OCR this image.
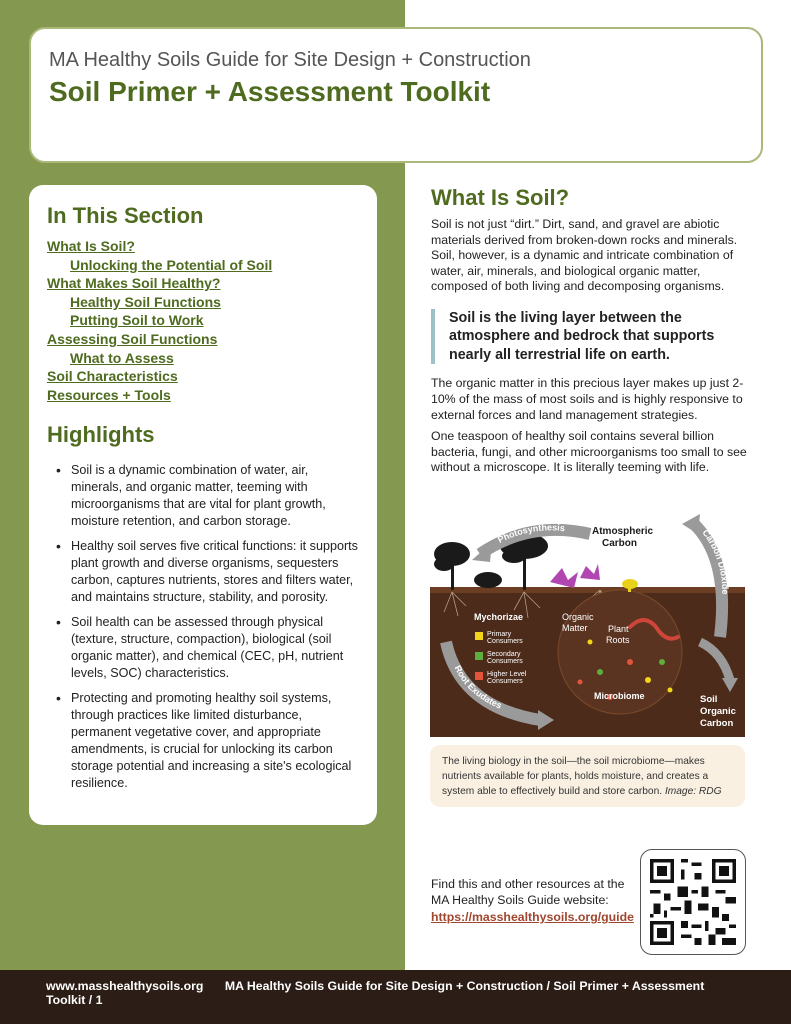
MA Healthy Soils Guide for Site Design + Construction
Soil Primer + Assessment Toolkit
In This Section
What Is Soil?
Unlocking the Potential of Soil
What Makes Soil Healthy?
Healthy Soil Functions
Putting Soil to Work
Assessing Soil Functions
What to Assess
Soil Characteristics
Resources + Tools
Highlights
• Soil is a dynamic combination of water, air, minerals, and organic matter, teeming with microorganisms that are vital for plant growth, moisture retention, and carbon storage.
• Healthy soil serves five critical functions: it supports plant growth and diverse organisms, sequesters carbon, captures nutrients, stores and filters water, and maintains structure, stability, and porosity.
• Soil health can be assessed through physical (texture, structure, compaction), biological (soil organic matter), and chemical (CEC, pH, nutrient levels, SOC) characteristics.
• Protecting and promoting healthy soil systems, through practices like limited disturbance, permanent vegetative cover, and appropriate amendments, is crucial for unlocking its carbon storage potential and increasing a site's ecological resilience.
What Is Soil?

Soil is not just “dirt.” Dirt, sand, and gravel are abiotic materials derived from broken-down rocks and minerals. Soil, however, is a dynamic and intricate combination of water, air, minerals, and biological organic matter, composed of both living and decomposing organisms.

Soil is the living layer between the atmosphere and bedrock that supports nearly all terrestrial life on earth.

The organic matter in this precious layer makes up just 2-10% of the mass of most soils and is highly responsive to external forces and land management strategies.

One teaspoon of healthy soil contains several billion bacteria, fungi, and other microorganisms too small to see without a microscope. It is literally teeming with life.

Photosynthesis	Carbon Dioxide
Root Exudates
Atmospheric
Carbon
Mychorizae	Organic
Matter Plant
Roots
Primary
Consumers
Secondary
Consumers
Higher Level
Consumers
Microbiome	Soil
Organic
Carbon
The living biology in the soil—the soil microbiome—makes nutrients available for plants, holds moisture, and creates a system able to effectively build and store carbon. Image: RDG
Find this and other resources at the MA Healthy Soils Guide website:
https://masshealthysoils.org/guide
www.masshealthysoils.org MA Healthy Soils Guide for Site Design + Construction / Soil Primer + Assessment Toolkit / 1
